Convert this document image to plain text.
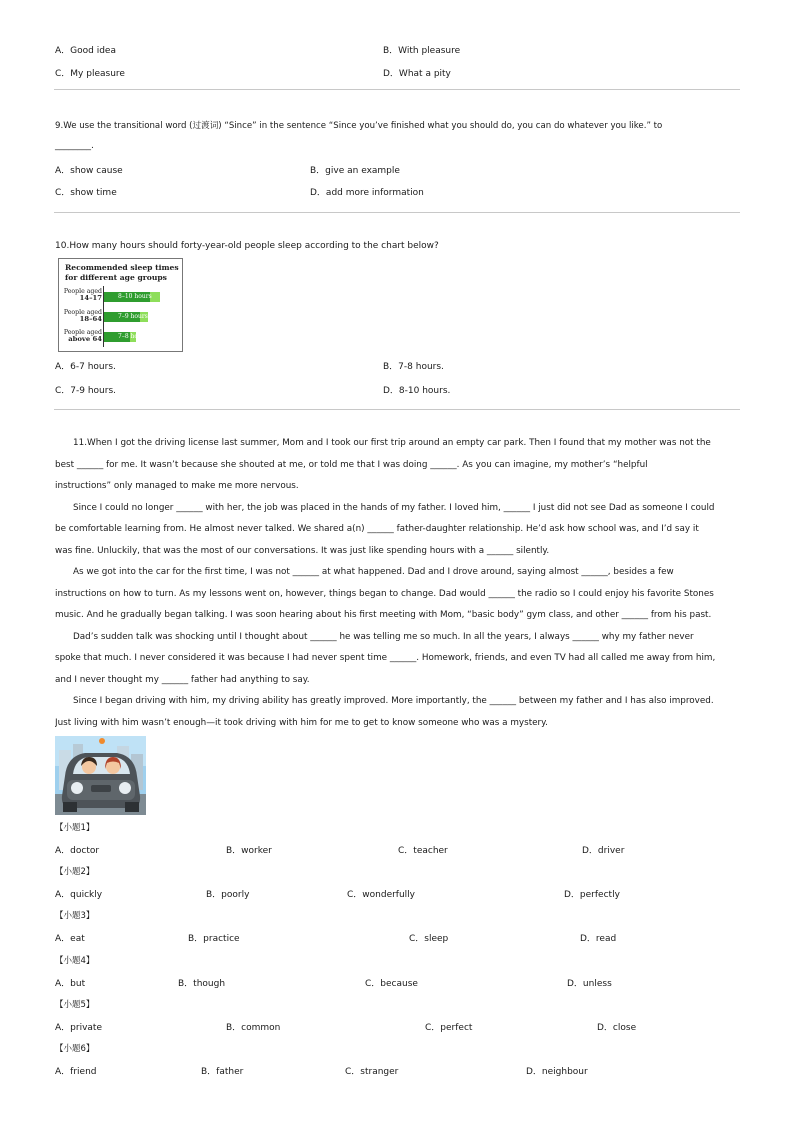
A．Good idea	B．With pleasure
C．My pleasure	D．What a pity
9.We use the transitional word (过渡词) “Since” in the sentence “Since you’ve finished what you should do, you can do whatever you like.” to
________.
A．show cause	B．give an example
C．show time	D．add more information
10.How many hours should forty-year-old people sleep according to the chart below?
Recommended sleep times for different age groups
People aged
14–17
People aged
18–64
People aged
above 64
8–10 hours
7–9 hours
7–8 hours
A．6-7 hours.	B．7-8 hours.
C．7-9 hours.	D．8-10 hours.
11.When I got the driving license last summer, Mom and I took our first trip around an empty car park. Then I found that my mother was not the
best ______ for me. It wasn’t because she shouted at me, or told me that I was doing ______. As you can imagine, my mother’s “helpful
instructions” only managed to make me more nervous.
Since I could no longer ______ with her, the job was placed in the hands of my father. I loved him, ______ I just did not see Dad as someone I could
be comfortable learning from. He almost never talked. We shared a(n) ______ father-daughter relationship. He’d ask how school was, and I’d say it
was fine. Unluckily, that was the most of our conversations. It was just like spending hours with a ______ silently.
As we got into the car for the first time, I was not ______ at what happened. Dad and I drove around, saying almost ______, besides a few
instructions on how to turn. As my lessons went on, however, things began to change. Dad would ______ the radio so I could enjoy his favorite Stones
music. And he gradually began talking. I was soon hearing about his first meeting with Mom, “basic body” gym class, and other ______ from his past.
Dad’s sudden talk was shocking until I thought about ______ he was telling me so much. In all the years, I always ______ why my father never
spoke that much. I never considered it was because I had never spent time ______. Homework, friends, and even TV had all called me away from him,
and I never thought my ______ father had anything to say.
Since I began driving with him, my driving ability has greatly improved. More importantly, the ______ between my father and I has also improved.
Just living with him wasn’t enough—it took driving with him for me to get to know someone who was a mystery.
【小题1】
A．doctor	B．worker	C．teacher	D．driver
【小题2】
A．quickly	B．poorly	C．wonderfully	D．perfectly
【小题3】
A．eat	B．practice	C．sleep	D．read
【小题4】
A．but	B．though	C．because	D．unless
【小题5】
A．private	B．common	C．perfect	D．close
【小题6】
A．friend	B．father	C．stranger	D．neighbour
